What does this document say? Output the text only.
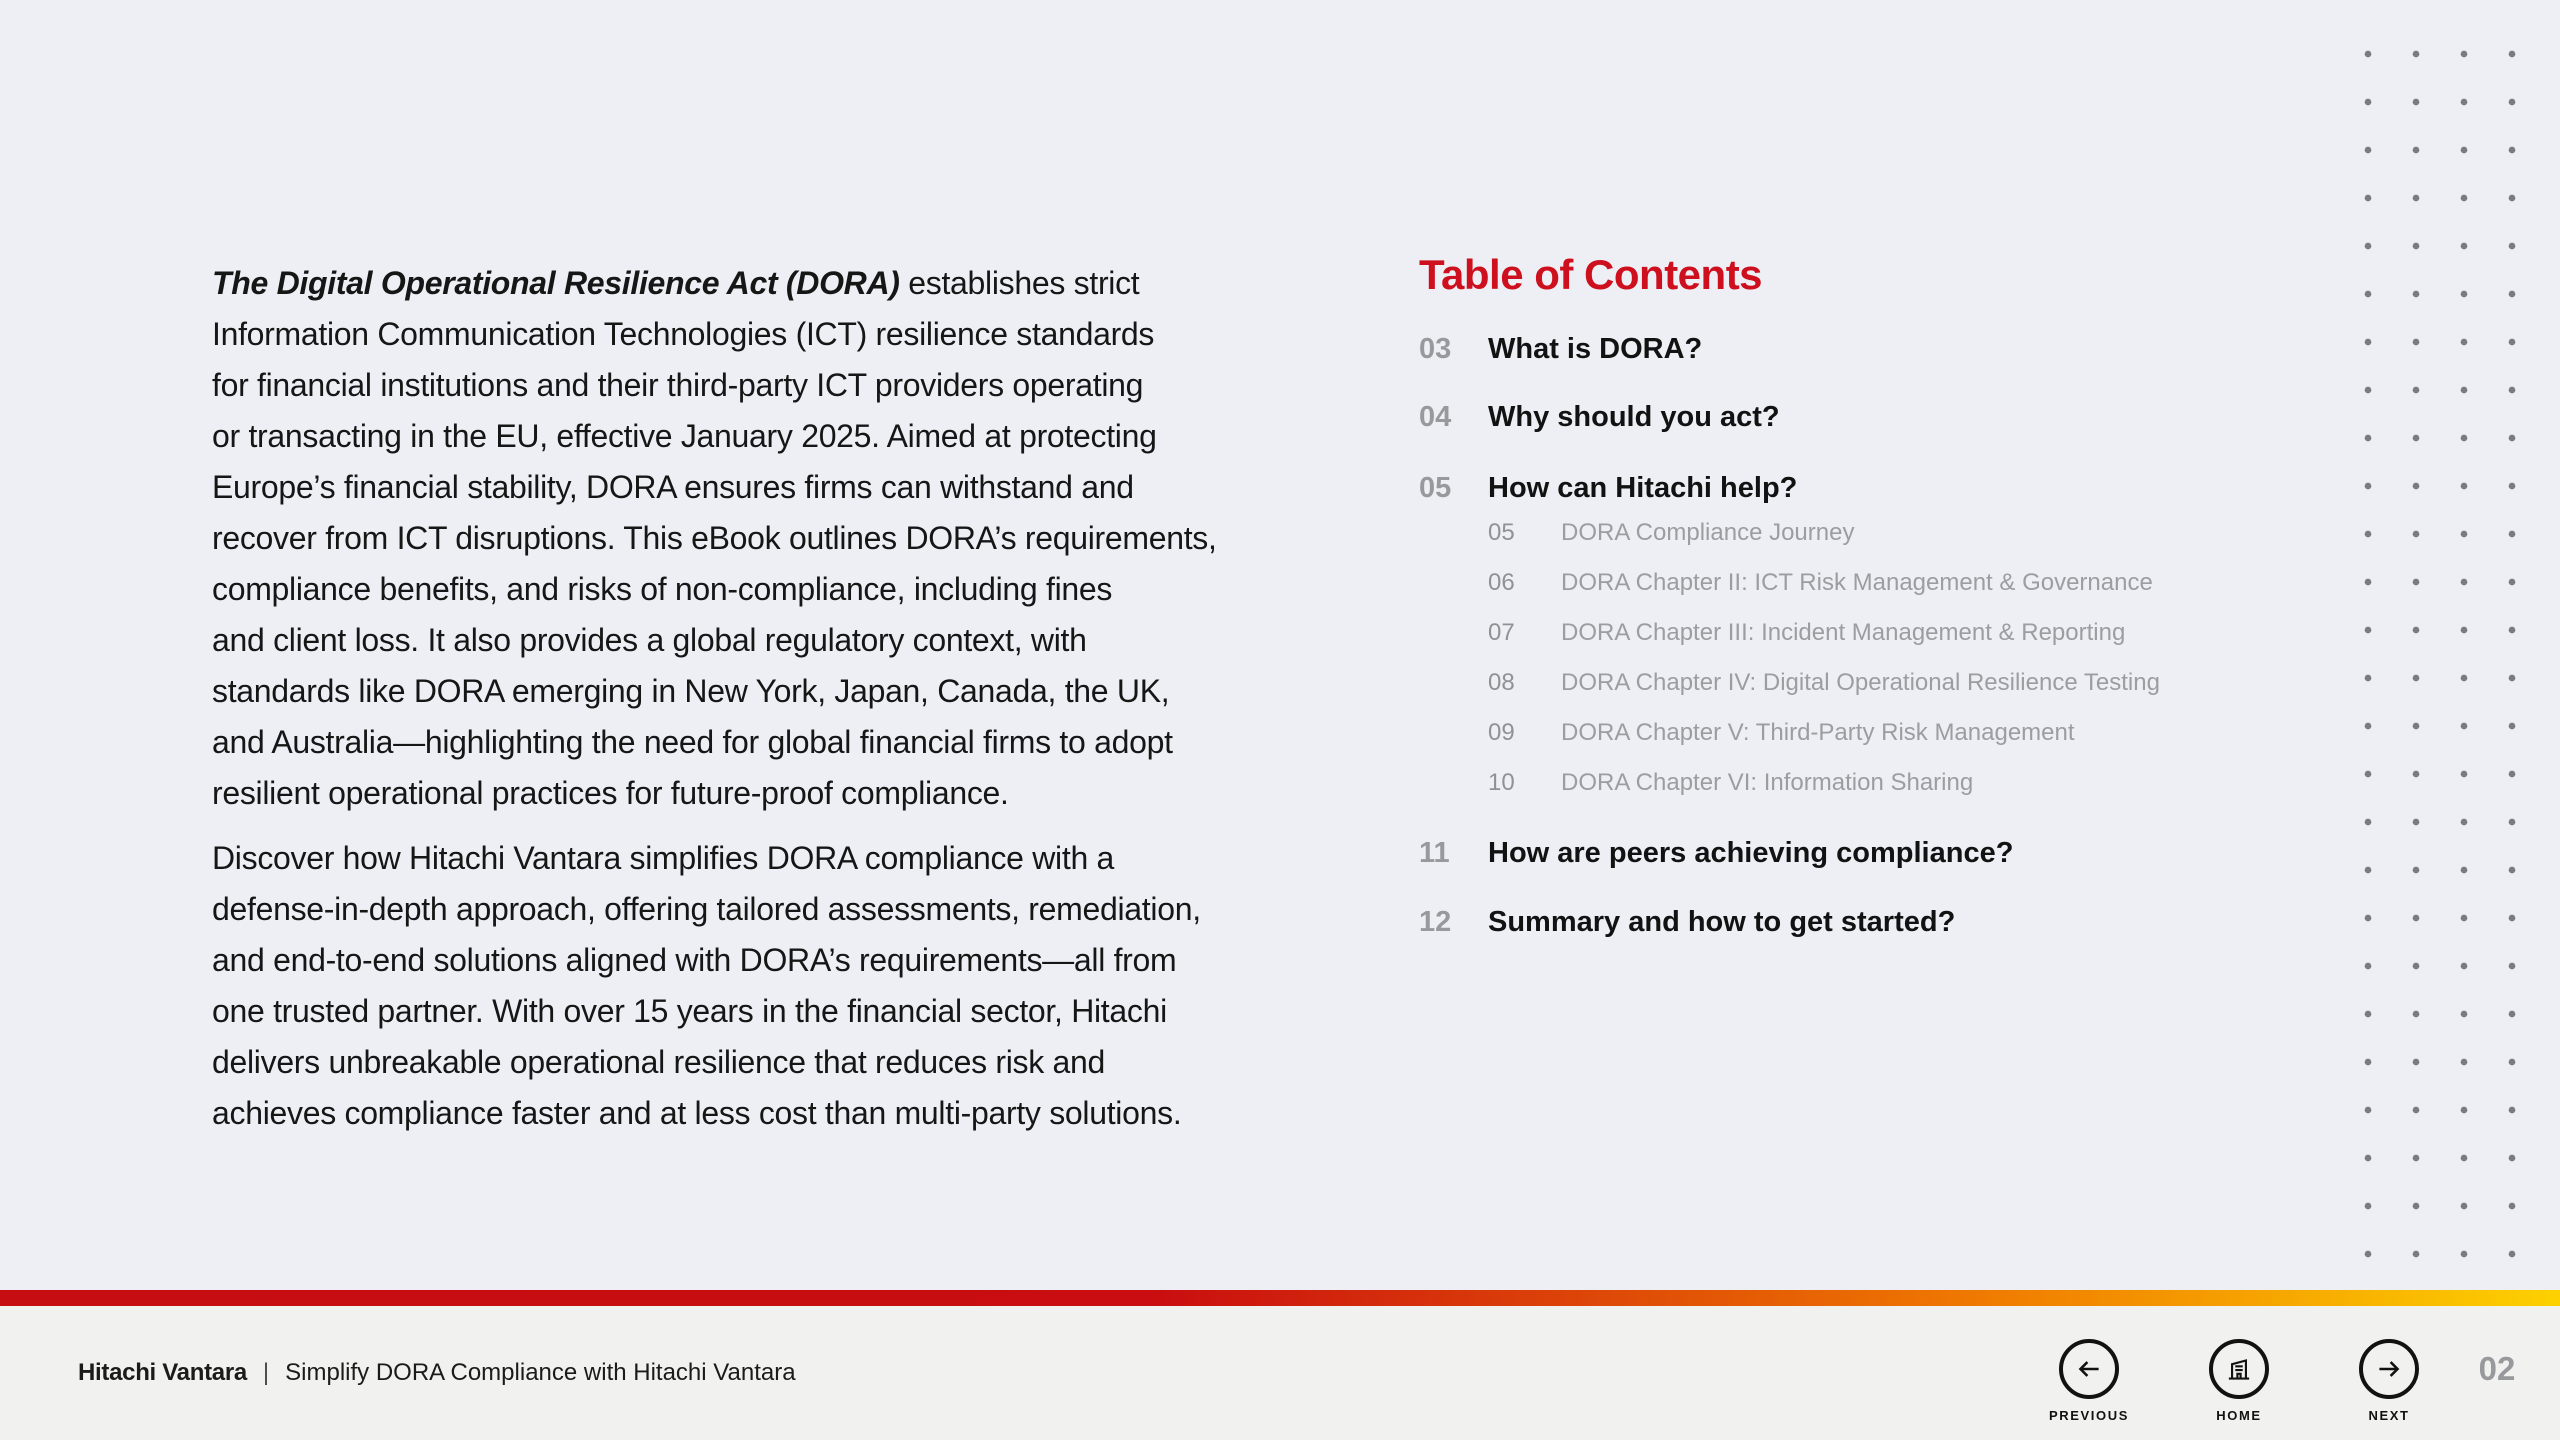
The Digital Operational Resilience Act (DORA) establishes strict
Information Communication Technologies (ICT) resilience standards
for financial institutions and their third-party ICT providers operating
or transacting in the EU, effective January 2025. Aimed at protecting
Europe’s financial stability, DORA ensures firms can withstand and
recover from ICT disruptions. This eBook outlines DORA’s requirements,
compliance benefits, and risks of non-compliance, including fines
and client loss. It also provides a global regulatory context, with
standards like DORA emerging in New York, Japan, Canada, the UK,
and Australia—highlighting the need for global financial firms to adopt
resilient operational practices for future-proof compliance.
Discover how Hitachi Vantara simplifies DORA compliance with a
defense-in-depth approach, offering tailored assessments, remediation,
and end-to-end solutions aligned with DORA’s requirements—all from
one trusted partner. With over 15 years in the financial sector, Hitachi
delivers unbreakable operational resilience that reduces risk and
achieves compliance faster and at less cost than multi-party solutions.
Table of Contents
03	What is DORA?
04	Why should you act?
05	How can Hitachi help?
05	DORA Compliance Journey
06	DORA Chapter II: ICT Risk Management & Governance
07	DORA Chapter III: Incident Management & Reporting
08	DORA Chapter IV: Digital Operational Resilience Testing
09	DORA Chapter V: Third-Party Risk Management
10	DORA Chapter VI: Information Sharing
11	How are peers achieving compliance?
12	Summary and how to get started?
Hitachi Vantara | Simplify DORA Compliance with Hitachi Vantara
PREVIOUS	HOME	NEXT
02
